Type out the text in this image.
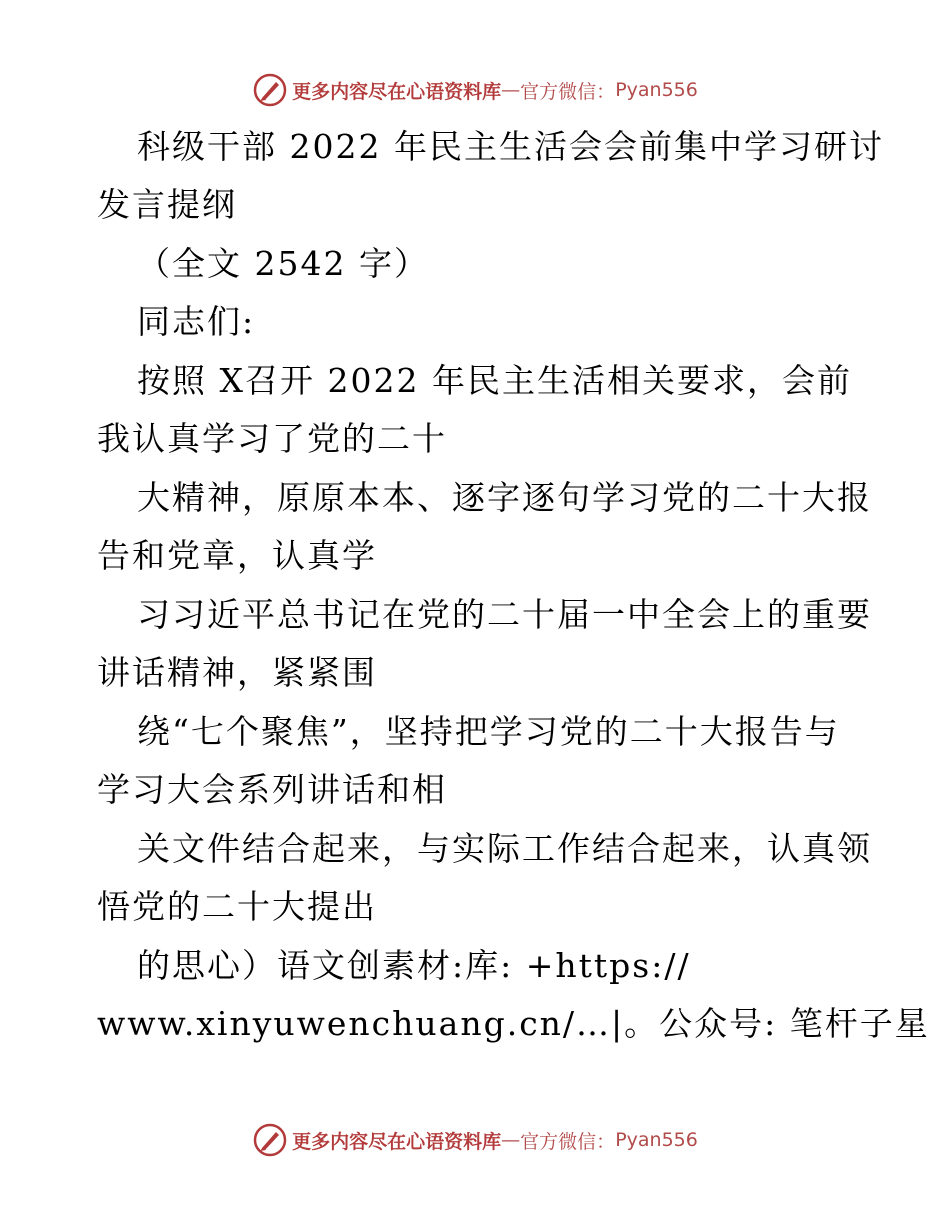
更多内容尽在心语资料库 — 官方微信： Pyan556
科级干部 2022 年民主生活会会前集中学习研讨
发言提纲
（全文 2542 字）
同志们:
按照 X召开 2022 年民主生活相关要求，会前
我认真学习了党的二十
大精神，原原本本、逐字逐句学习党的二十大报
告和党章，认真学
习习近平总书记在党的二十届一中全会上的重要
讲话精神，紧紧围
绕“七个聚焦”，坚持把学习党的二十大报告与
学习大会系列讲话和相
关文件结合起来，与实际工作结合起来，认真领
悟党的二十大提出
的思心）语文创素材:库: +https://
www.xinyuwenchuang.cn/…|。公众号: 笔杆子星
更多内容尽在心语资料库 — 官方微信： Pyan556
